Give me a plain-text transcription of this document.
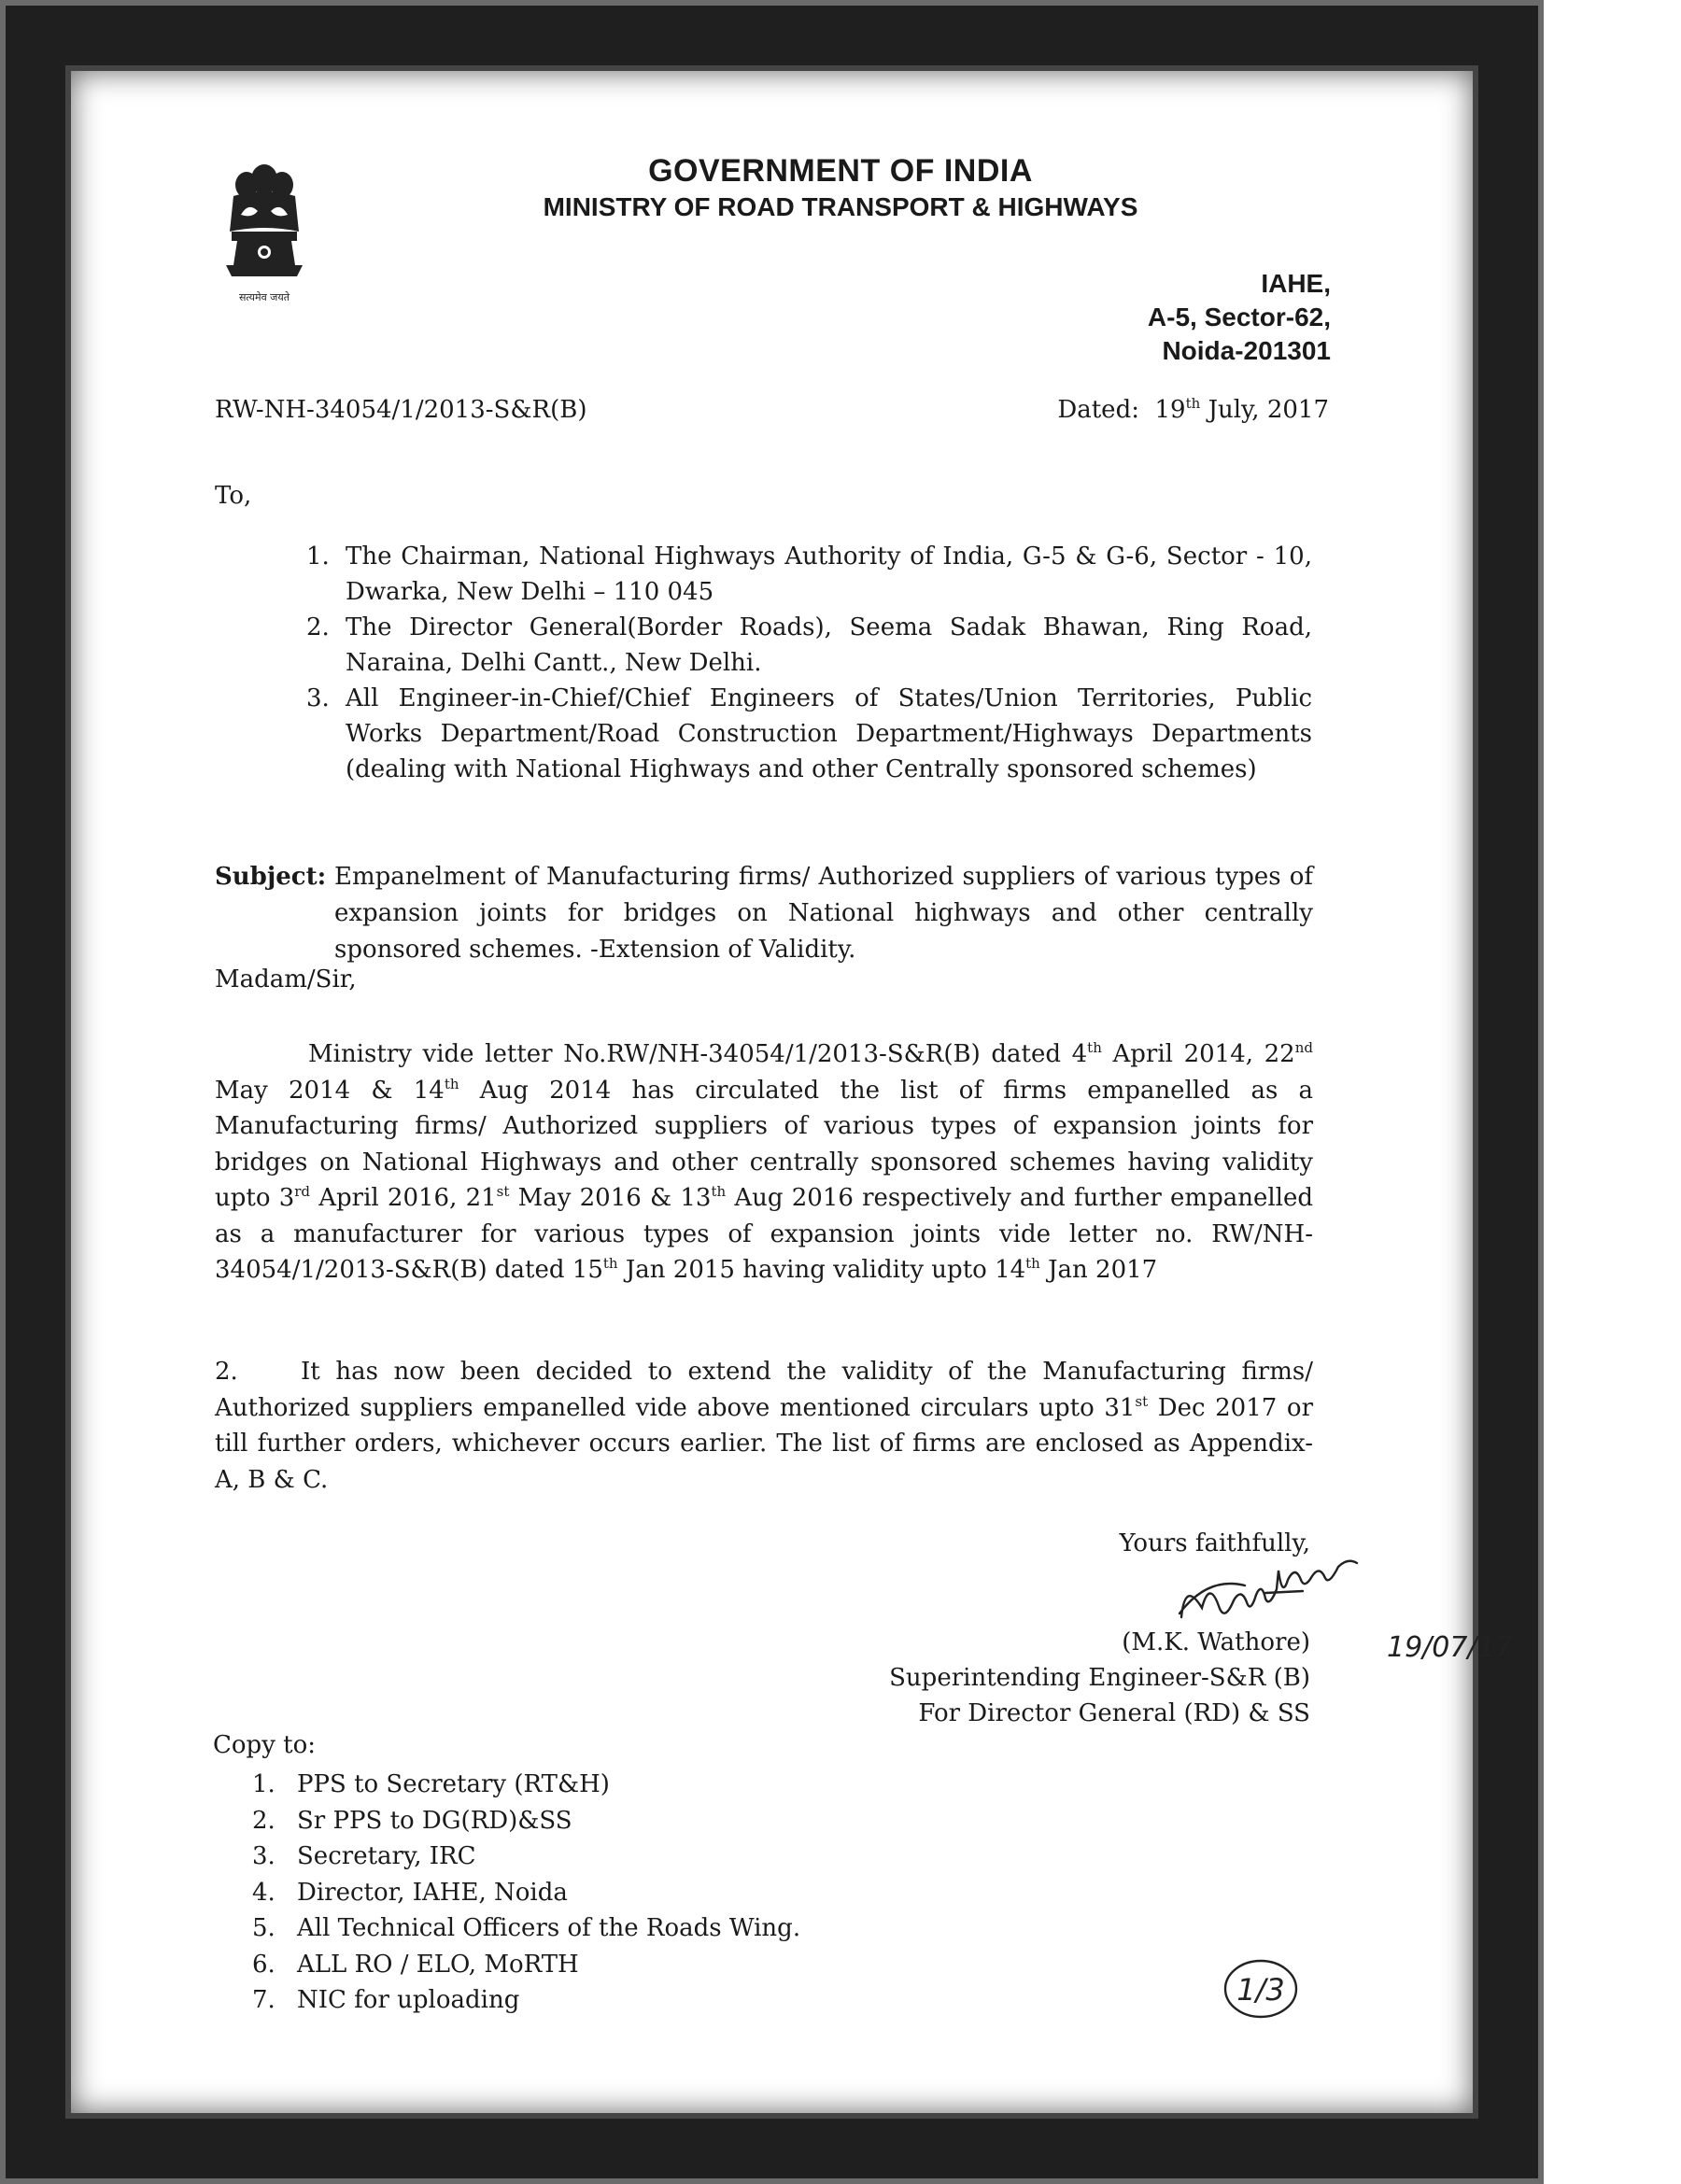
सत्यमेव जयते
GOVERNMENT OF INDIA
MINISTRY OF ROAD TRANSPORT & HIGHWAYS
IAHE,
A-5, Sector-62,
Noida-201301
RW-NH-34054/1/2013-S&R(B)	Dated: 19th July, 2017
To,
1. The Chairman, National Highways Authority of India, G-5 & G-6, Sector - 10, Dwarka, New Delhi – 110 045
2. The Director General(Border Roads), Seema Sadak Bhawan, Ring Road, Naraina, Delhi Cantt., New Delhi.
3. All Engineer-in-Chief/Chief Engineers of States/Union Territories, Public Works Department/Road Construction Department/Highways Departments (dealing with National Highways and other Centrally sponsored schemes)
Subject: Empanelment of Manufacturing firms/ Authorized suppliers of various types of expansion joints for bridges on National highways and other centrally sponsored schemes. -Extension of Validity.
Madam/Sir,
Ministry vide letter No.RW/NH-34054/1/2013-S&R(B) dated 4th April 2014, 22nd May 2014 & 14th Aug 2014 has circulated the list of firms empanelled as a Manufacturing firms/ Authorized suppliers of various types of expansion joints for bridges on National Highways and other centrally sponsored schemes having validity upto 3rd April 2016, 21st May 2016 & 13th Aug 2016 respectively and further empanelled as a manufacturer for various types of expansion joints vide letter no. RW/NH-34054/1/2013-S&R(B) dated 15th Jan 2015 having validity upto 14th Jan 2017
2.	It has now been decided to extend the validity of the Manufacturing firms/ Authorized suppliers empanelled vide above mentioned circulars upto 31st Dec 2017 or till further orders, whichever occurs earlier. The list of firms are enclosed as Appendix-A, B & C.
Yours faithfully,
19/07/17
(M.K. Wathore)
Superintending Engineer-S&R (B)
For Director General (RD) & SS
Copy to:
1. PPS to Secretary (RT&H)
2. Sr PPS to DG(RD)&SS
3. Secretary, IRC
4. Director, IAHE, Noida
5. All Technical Officers of the Roads Wing.
6. ALL RO / ELO, MoRTH
7. NIC for uploading	1/3
